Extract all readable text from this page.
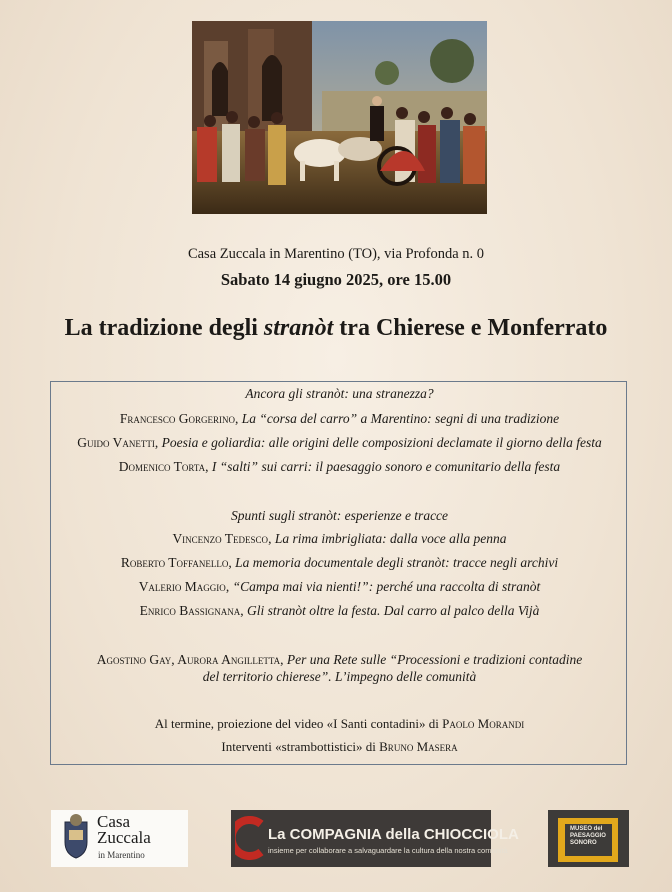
Casa Zuccala in Marentino (TO), via Profonda n. 0
Sabato 14 giugno 2025, ore 15.00
La tradizione degli stranòt tra Chierese e Monferrato
Ancora gli stranòt: una stranezza?
Francesco Gorgerino, La “corsa del carro” a Marentino: segni di una tradizione
Guido Vanetti, Poesia e goliardia: alle origini delle composizioni declamate il giorno della festa
Domenico Torta, I “salti” sui carri: il paesaggio sonoro e comunitario della festa
Spunti sugli stranòt: esperienze e tracce
Vincenzo Tedesco, La rima imbrigliata: dalla voce alla penna
Roberto Toffanello, La memoria documentale degli stranòt: tracce negli archivi
Valerio Maggio, “Campa mai via nienti!”: perché una raccolta di stranòt
Enrico Bassignana, Gli stranòt oltre la festa. Dal carro al palco della Vijà
Agostino Gay, Aurora Angilletta, Per una Rete sulle “Processioni e tradizioni contadine
del territorio chierese”. L’impegno delle comunità
Al termine, proiezione del video «I Santi contadini» di Paolo Morandi
Interventi «strambottistici» di Bruno Masera
Casa
Zuccala
in Marentino
La COMPAGNIA della CHIOCCIOLA
insieme per collaborare a salvaguardare la cultura della nostra comunità
MUSEO del
PAESAGGIO
SONORO
